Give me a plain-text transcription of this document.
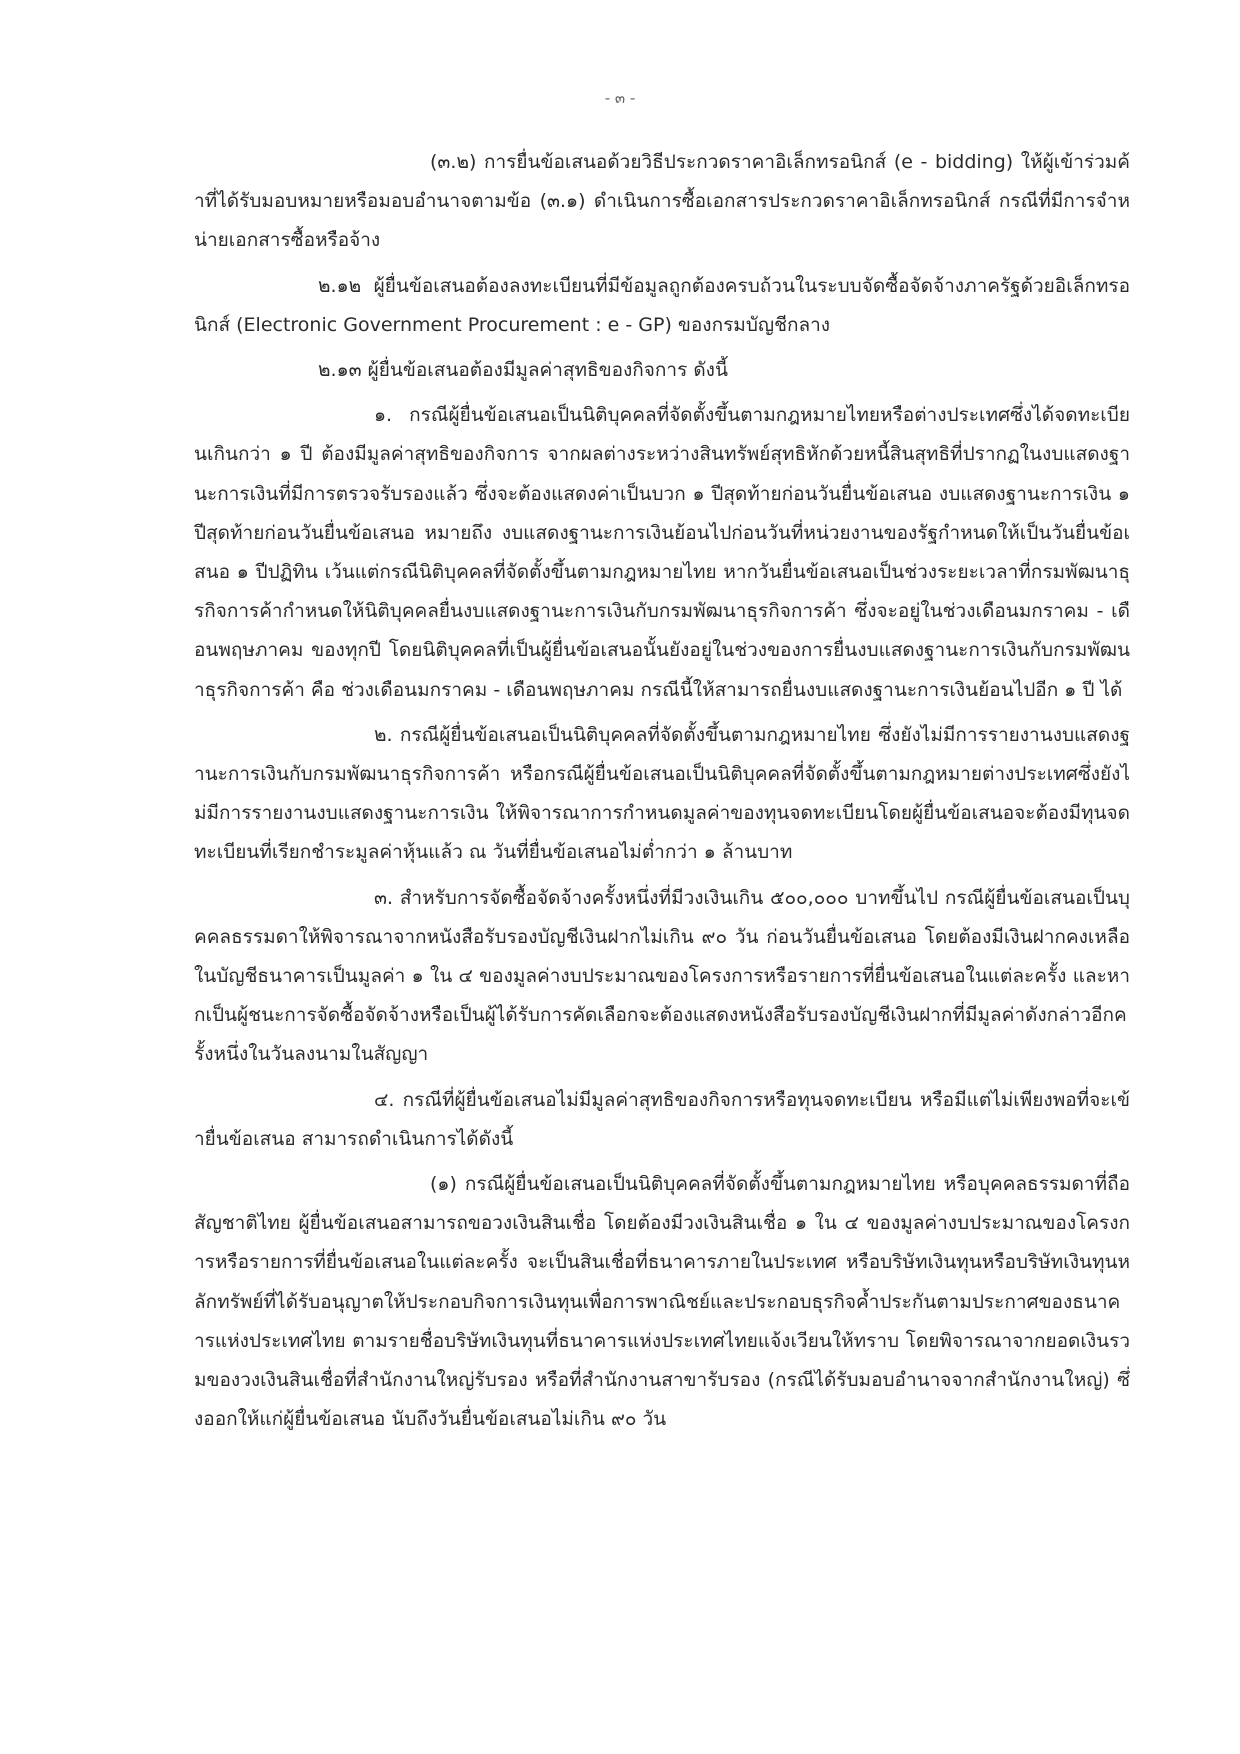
- ๓ -

(๓.๒) การยื่นข้อเสนอด้วยวิธีประกวดราคาอิเล็กทรอนิกส์ (e - bidding) ให้ผู้เข้าร่วมค้าที่ได้รับมอบหมายหรือมอบอำนาจตามข้อ (๓.๑) ดำเนินการซื้อเอกสารประกวดราคาอิเล็กทรอนิกส์ กรณีที่มีการจำหน่ายเอกสารซื้อหรือจ้าง

๒.๑๒ ผู้ยื่นข้อเสนอต้องลงทะเบียนที่มีข้อมูลถูกต้องครบถ้วนในระบบจัดซื้อจัดจ้างภาครัฐด้วยอิเล็กทรอนิกส์ (Electronic Government Procurement : e - GP) ของกรมบัญชีกลาง

๒.๑๓ ผู้ยื่นข้อเสนอต้องมีมูลค่าสุทธิของกิจการ ดังนี้

๑. กรณีผู้ยื่นข้อเสนอเป็นนิติบุคคลที่จัดตั้งขึ้นตามกฎหมายไทยหรือต่างประเทศซึ่งได้จดทะเบียนเกินกว่า ๑ ปี ต้องมีมูลค่าสุทธิของกิจการ จากผลต่างระหว่างสินทรัพย์สุทธิหักด้วยหนี้สินสุทธิที่ปรากฏในงบแสดงฐานะการเงินที่มีการตรวจรับรองแล้ว ซึ่งจะต้องแสดงค่าเป็นบวก ๑ ปีสุดท้ายก่อนวันยื่นข้อเสนอ งบแสดงฐานะการเงิน ๑ ปีสุดท้ายก่อนวันยื่นข้อเสนอ หมายถึง งบแสดงฐานะการเงินย้อนไปก่อนวันที่หน่วยงานของรัฐกำหนดให้เป็นวันยื่นข้อเสนอ ๑ ปีปฏิทิน เว้นแต่กรณีนิติบุคคลที่จัดตั้งขึ้นตามกฎหมายไทย หากวันยื่นข้อเสนอเป็นช่วงระยะเวลาที่กรมพัฒนาธุรกิจการค้ากำหนดให้นิติบุคคลยื่นงบแสดงฐานะการเงินกับกรมพัฒนาธุรกิจการค้า ซึ่งจะอยู่ในช่วงเดือนมกราคม - เดือนพฤษภาคม ของทุกปี โดยนิติบุคคลที่เป็นผู้ยื่นข้อเสนอนั้นยังอยู่ในช่วงของการยื่นงบแสดงฐานะการเงินกับกรมพัฒนาธุรกิจการค้า คือ ช่วงเดือนมกราคม - เดือนพฤษภาคม กรณีนี้ให้สามารถยื่นงบแสดงฐานะการเงินย้อนไปอีก ๑ ปี ได้

๒. กรณีผู้ยื่นข้อเสนอเป็นนิติบุคคลที่จัดตั้งขึ้นตามกฎหมายไทย ซึ่งยังไม่มีการรายงานงบแสดงฐานะการเงินกับกรมพัฒนาธุรกิจการค้า หรือกรณีผู้ยื่นข้อเสนอเป็นนิติบุคคลที่จัดตั้งขึ้นตามกฎหมายต่างประเทศซึ่งยังไม่มีการรายงานงบแสดงฐานะการเงิน ให้พิจารณาการกำหนดมูลค่าของทุนจดทะเบียนโดยผู้ยื่นข้อเสนอจะต้องมีทุนจดทะเบียนที่เรียกชำระมูลค่าหุ้นแล้ว ณ วันที่ยื่นข้อเสนอไม่ต่ำกว่า ๑ ล้านบาท

๓. สำหรับการจัดซื้อจัดจ้างครั้งหนึ่งที่มีวงเงินเกิน ๕๐๐,๐๐๐ บาทขึ้นไป กรณีผู้ยื่นข้อเสนอเป็นบุคคลธรรมดาให้พิจารณาจากหนังสือรับรองบัญชีเงินฝากไม่เกิน ๙๐ วัน ก่อนวันยื่นข้อเสนอ โดยต้องมีเงินฝากคงเหลือในบัญชีธนาคารเป็นมูลค่า ๑ ใน ๔ ของมูลค่างบประมาณของโครงการหรือรายการที่ยื่นข้อเสนอในแต่ละครั้ง และหากเป็นผู้ชนะการจัดซื้อจัดจ้างหรือเป็นผู้ได้รับการคัดเลือกจะต้องแสดงหนังสือรับรองบัญชีเงินฝากที่มีมูลค่าดังกล่าวอีกครั้งหนึ่งในวันลงนามในสัญญา

๔. กรณีที่ผู้ยื่นข้อเสนอไม่มีมูลค่าสุทธิของกิจการหรือทุนจดทะเบียน หรือมีแต่ไม่เพียงพอที่จะเข้ายื่นข้อเสนอ สามารถดำเนินการได้ดังนี้

(๑) กรณีผู้ยื่นข้อเสนอเป็นนิติบุคคลที่จัดตั้งขึ้นตามกฎหมายไทย หรือบุคคลธรรมดาที่ถือสัญชาติไทย ผู้ยื่นข้อเสนอสามารถขอวงเงินสินเชื่อ โดยต้องมีวงเงินสินเชื่อ ๑ ใน ๔ ของมูลค่างบประมาณของโครงการหรือรายการที่ยื่นข้อเสนอในแต่ละครั้ง จะเป็นสินเชื่อที่ธนาคารภายในประเทศ หรือบริษัทเงินทุนหรือบริษัทเงินทุนหลักทรัพย์ที่ได้รับอนุญาตให้ประกอบกิจการเงินทุนเพื่อการพาณิชย์และประกอบธุรกิจค้ำประกันตามประกาศของธนาคารแห่งประเทศไทย ตามรายชื่อบริษัทเงินทุนที่ธนาคารแห่งประเทศไทยแจ้งเวียนให้ทราบ โดยพิจารณาจากยอดเงินรวมของวงเงินสินเชื่อที่สำนักงานใหญ่รับรอง หรือที่สำนักงานสาขารับรอง (กรณีได้รับมอบอำนาจจากสำนักงานใหญ่) ซึ่งออกให้แก่ผู้ยื่นข้อเสนอ นับถึงวันยื่นข้อเสนอไม่เกิน ๙๐ วัน
